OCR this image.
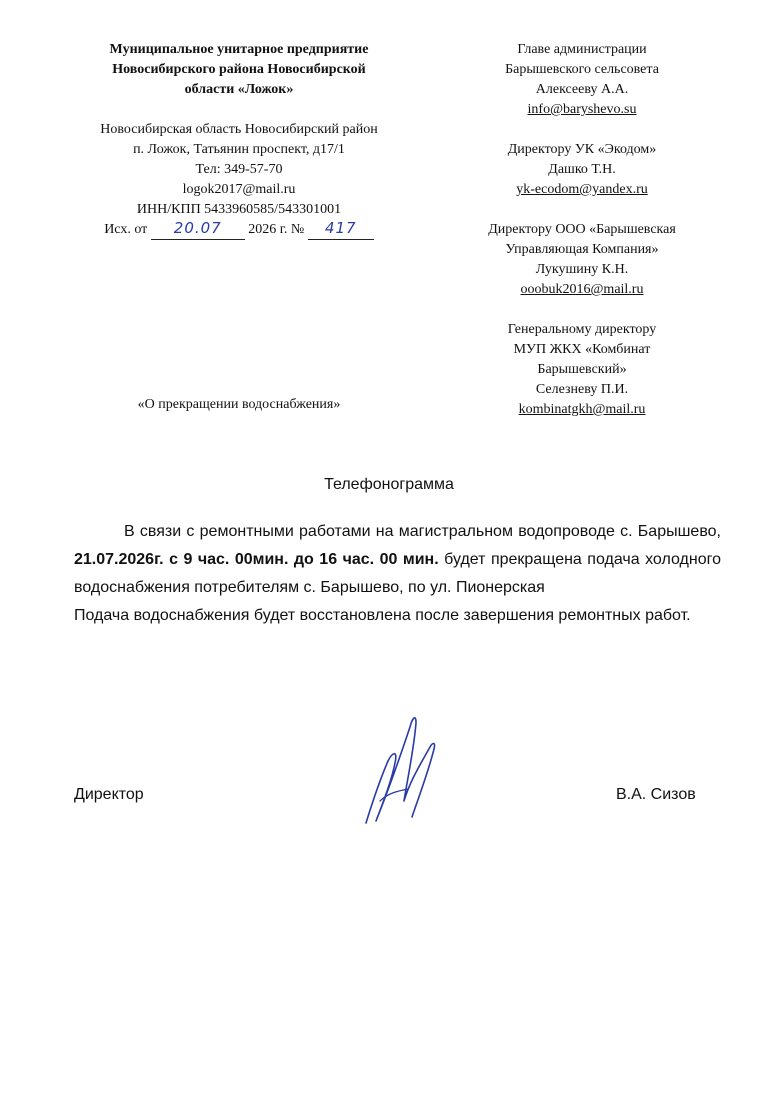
Муниципальное унитарное предприятие
Новосибирского района Новосибирской
области «Ложок»
Новосибирская область Новосибирский район
п. Ложок, Татьянин проспект, д17/1
Тел: 349-57-70
logok2017@mail.ru
ИНН/КПП 5433960585/543301001
Исх. от 20.07 2026 г. № 417
Главе администрации
Барышевского сельсовета
Алексееву А.А.
info@baryshevo.su
Директору УК «Экодом»
Дашко Т.Н.
yk-ecodom@yandex.ru
Директору ООО «Барышевская
Управляющая Компания»
Лукушину К.Н.
ooobuk2016@mail.ru
Генеральному директору
МУП ЖКХ «Комбинат
Барышевский»
Селезневу П.И.
kombinatgkh@mail.ru
«О прекращении водоснабжения»
Телефонограмма

В связи с ремонтными работами на магистральном водопроводе с. Барышево, 21.07.2026г. с 9 час. 00мин. до 16 час. 00 мин. будет прекращена подача холодного водоснабжения потребителям с. Барышево, по ул. Пионерская

Подача водоснабжения будет восстановлена после завершения ремонтных работ.

Директор	В.А. Сизов
